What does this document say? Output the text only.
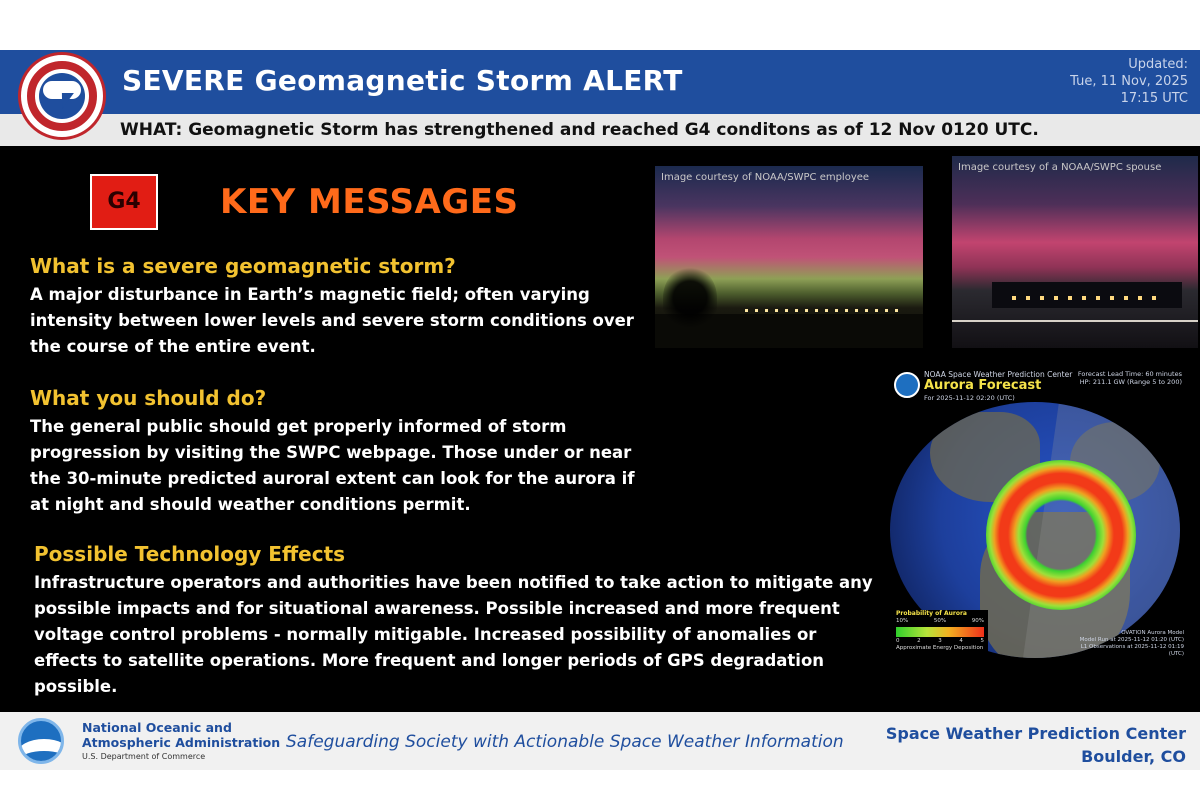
SEVERE Geomagnetic Storm ALERT	Updated:
Tue, 11 Nov, 2025
17:15 UTC
WHAT: Geomagnetic Storm has strengthened and reached G4 conditons as of 12 Nov 0120 UTC.
G4	KEY MESSAGES
What is a severe geomagnetic storm?

A major disturbance in Earth’s magnetic field; often varying intensity between lower levels and severe storm conditions over the course of the entire event.

What you should do?

The general public should get properly informed of storm progression by visiting the SWPC webpage. Those under or near the 30-minute predicted auroral extent can look for the aurora if at night and should weather conditions permit.

Possible Technology Effects

Infrastructure operators and authorities have been notified to take action to mitigate any possible impacts and for situational awareness. Possible increased and more frequent voltage control problems - normally mitigable. Increased possibility of anomalies or effects to satellite operations. More frequent and longer periods of GPS degradation possible.

Image courtesy of NOAA/SWPC employee
Image courtesy of a NOAA/SWPC spouse
NOAA Space Weather Prediction Center
Aurora Forecast
For 2025-11-12 02:20 (UTC)
Forecast Lead Time: 60 minutes
HP: 211.1 GW (Range 5 to 200)
Probability of Aurora
10%	50%	90%
0	2	3	4	5
Approximate Energy Deposition
OVATION Aurora Model
Model Run at 2025-11-12 01:20 (UTC)
L1 Observations at 2025-11-12 01:19 (UTC)
National Oceanic and
Atmospheric Administration
U.S. Department of Commerce
Safeguarding Society with Actionable Space Weather Information	Space Weather Prediction Center
Boulder, CO
